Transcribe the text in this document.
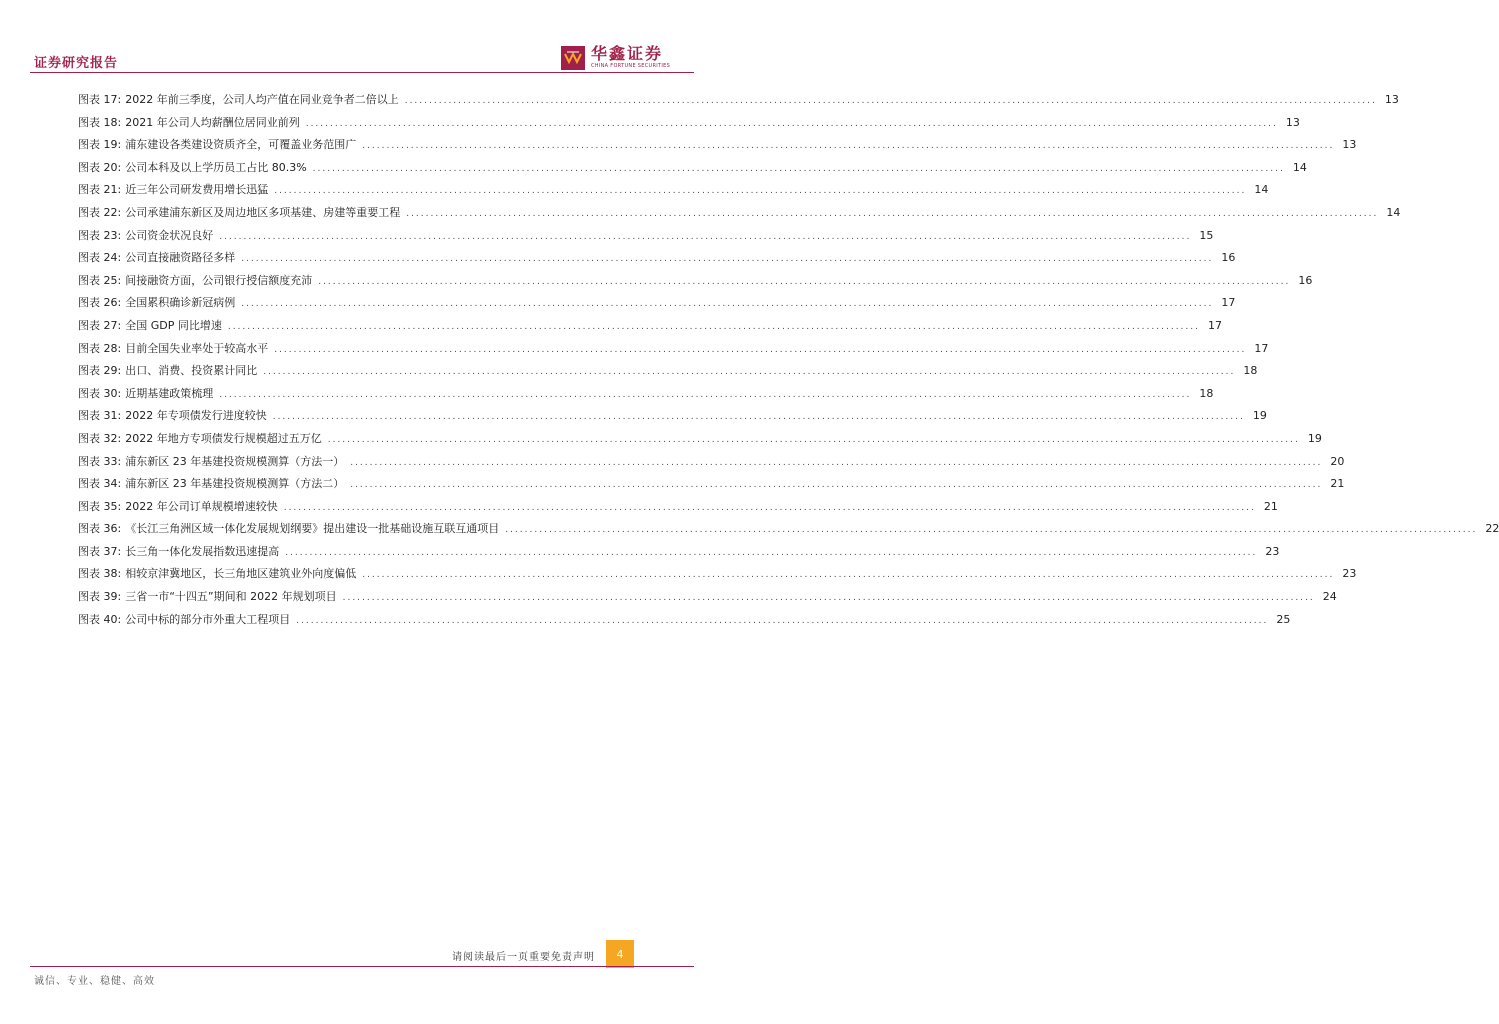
证券研究报告
华鑫证券
CHINA FORTUNE SECURITIES
图表 17: 2022 年前三季度，公司人均产值在同业竞争者二倍以上 ........................................................................................................................................................................................................ 13
图表 18: 2021 年公司人均薪酬位居同业前列 ........................................................................................................................................................................................................ 13
图表 19: 浦东建设各类建设资质齐全，可覆盖业务范围广 ........................................................................................................................................................................................................ 13
图表 20: 公司本科及以上学历员工占比 80.3% ........................................................................................................................................................................................................ 14
图表 21: 近三年公司研发费用增长迅猛 ........................................................................................................................................................................................................ 14
图表 22: 公司承建浦东新区及周边地区多项基建、房建等重要工程 ........................................................................................................................................................................................................ 14
图表 23: 公司资金状况良好 ........................................................................................................................................................................................................ 15
图表 24: 公司直接融资路径多样 ........................................................................................................................................................................................................ 16
图表 25: 间接融资方面，公司银行授信额度充沛 ........................................................................................................................................................................................................ 16
图表 26: 全国累积确诊新冠病例 ........................................................................................................................................................................................................ 17
图表 27: 全国 GDP 同比增速 ........................................................................................................................................................................................................ 17
图表 28: 目前全国失业率处于较高水平 ........................................................................................................................................................................................................ 17
图表 29: 出口、消费、投资累计同比 ........................................................................................................................................................................................................ 18
图表 30: 近期基建政策梳理 ........................................................................................................................................................................................................ 18
图表 31: 2022 年专项债发行进度较快 ........................................................................................................................................................................................................ 19
图表 32: 2022 年地方专项债发行规模超过五万亿 ........................................................................................................................................................................................................ 19
图表 33: 浦东新区 23 年基建投资规模测算（方法一） ........................................................................................................................................................................................................ 20
图表 34: 浦东新区 23 年基建投资规模测算（方法二） ........................................................................................................................................................................................................ 21
图表 35: 2022 年公司订单规模增速较快 ........................................................................................................................................................................................................ 21
图表 36: 《长江三角洲区域一体化发展规划纲要》提出建设一批基础设施互联互通项目 ........................................................................................................................................................................................................ 22
图表 37: 长三角一体化发展指数迅速提高 ........................................................................................................................................................................................................ 23
图表 38: 相较京津冀地区，长三角地区建筑业外向度偏低 ........................................................................................................................................................................................................ 23
图表 39: 三省一市“十四五”期间和 2022 年规划项目 ........................................................................................................................................................................................................ 24
图表 40: 公司中标的部分市外重大工程项目 ........................................................................................................................................................................................................ 25
请阅读最后一页重要免责声明	4
诚信、专业、稳健、高效
